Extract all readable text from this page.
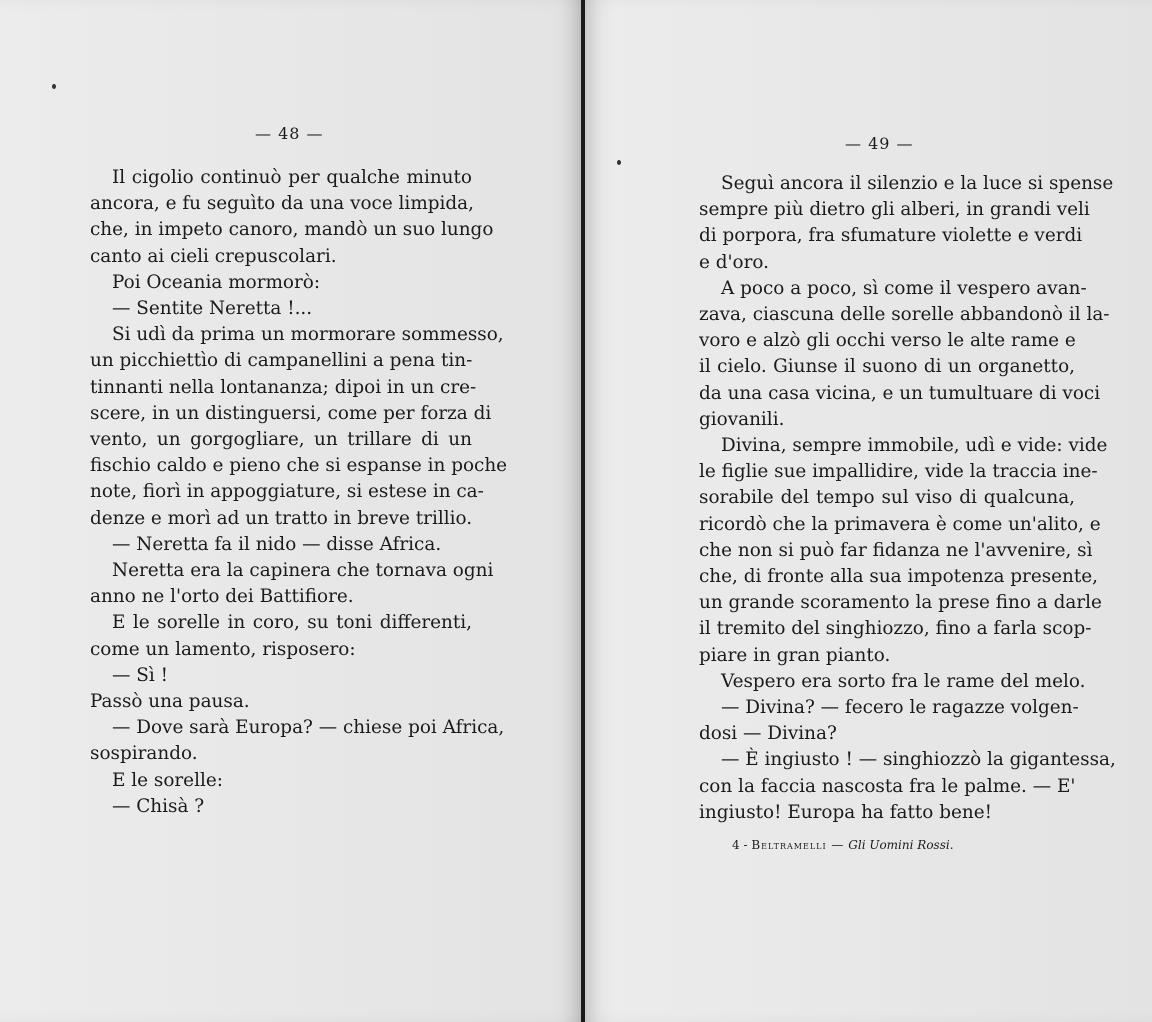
— 48 —
Il cigolio continuò per qualche minuto
ancora, e fu seguìto da una voce limpida,
che, in impeto canoro, mandò un suo lungo
canto ai cieli crepuscolari.
Poi Oceania mormorò:
— Sentite Neretta !...
Si udì da prima un mormorare sommesso,
un picchiettìo di campanellini a pena tin-
tinnanti nella lontananza; dipoi in un cre-
scere, in un distinguersi, come per forza di
vento, un gorgogliare, un trillare di un
fischio caldo e pieno che si espanse in poche
note, fiorì in appoggiature, si estese in ca-
denze e morì ad un tratto in breve trillio.
— Neretta fa il nido — disse Africa.
Neretta era la capinera che tornava ogni
anno ne l'orto dei Battifiore.
E le sorelle in coro, su toni differenti,
come un lamento, risposero:
— Sì !
Passò una pausa.
— Dove sarà Europa? — chiese poi Africa,
sospirando.
E le sorelle:
— Chisà ?
— 49 —
Seguì ancora il silenzio e la luce si spense
sempre più dietro gli alberi, in grandi veli
di porpora, fra sfumature violette e verdi
e d'oro.
A poco a poco, sì come il vespero avan-
zava, ciascuna delle sorelle abbandonò il la-
voro e alzò gli occhi verso le alte rame e
il cielo. Giunse il suono di un organetto,
da una casa vicina, e un tumultuare di voci
giovanili.
Divina, sempre immobile, udì e vide: vide
le figlie sue impallidire, vide la traccia ine-
sorabile del tempo sul viso di qualcuna,
ricordò che la primavera è come un'alito, e
che non si può far fidanza ne l'avvenire, sì
che, di fronte alla sua impotenza presente,
un grande scoramento la prese fino a darle
il tremito del singhiozzo, fino a farla scop-
piare in gran pianto.
Vespero era sorto fra le rame del melo.
— Divina? — fecero le ragazze volgen-
dosi — Divina?
— È ingiusto ! — singhiozzò la gigantessa,
con la faccia nascosta fra le palme. — E'
ingiusto! Europa ha fatto bene!
4 - Beltramelli — Gli Uomini Rossi.
